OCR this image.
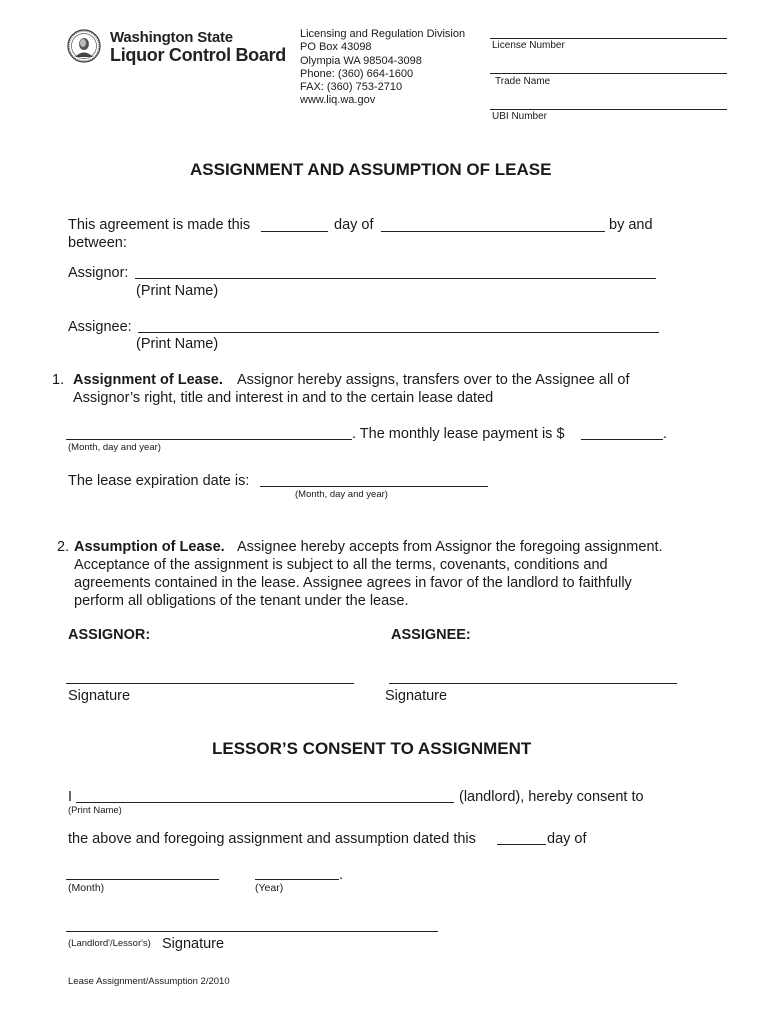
Washington State
Liquor Control Board
Licensing and Regulation Division
PO Box 43098
Olympia WA 98504-3098
Phone: (360) 664-1600
FAX: (360) 753-2710
www.liq.wa.gov
License Number
Trade Name
UBI Number
ASSIGNMENT AND ASSUMPTION OF LEASE
This agreement is made this	day of	by and
between:
Assignor:
(Print Name)
Assignee:
(Print Name)
1. Assignment of Lease. Assignor hereby assigns, transfers over to the Assignee all of
Assignor’s right, title and interest in and to the certain lease dated
. The monthly lease payment is $	.
(Month, day and year)
The lease expiration date is:
(Month, day and year)
2. Assumption of Lease. Assignee hereby accepts from Assignor the foregoing assignment.
Acceptance of the assignment is subject to all the terms, covenants, conditions and
agreements contained in the lease. Assignee agrees in favor of the landlord to faithfully
perform all obligations of the tenant under the lease.
ASSIGNOR:	ASSIGNEE:
Signature	Signature
LESSOR’S CONSENT TO ASSIGNMENT
I	(landlord), hereby consent to
(Print Name)
the above and foregoing assignment and assumption dated this	day of
.
(Month)	(Year)
(Landlord'/Lessor's) Signature
Lease Assignment/Assumption 2/2010
